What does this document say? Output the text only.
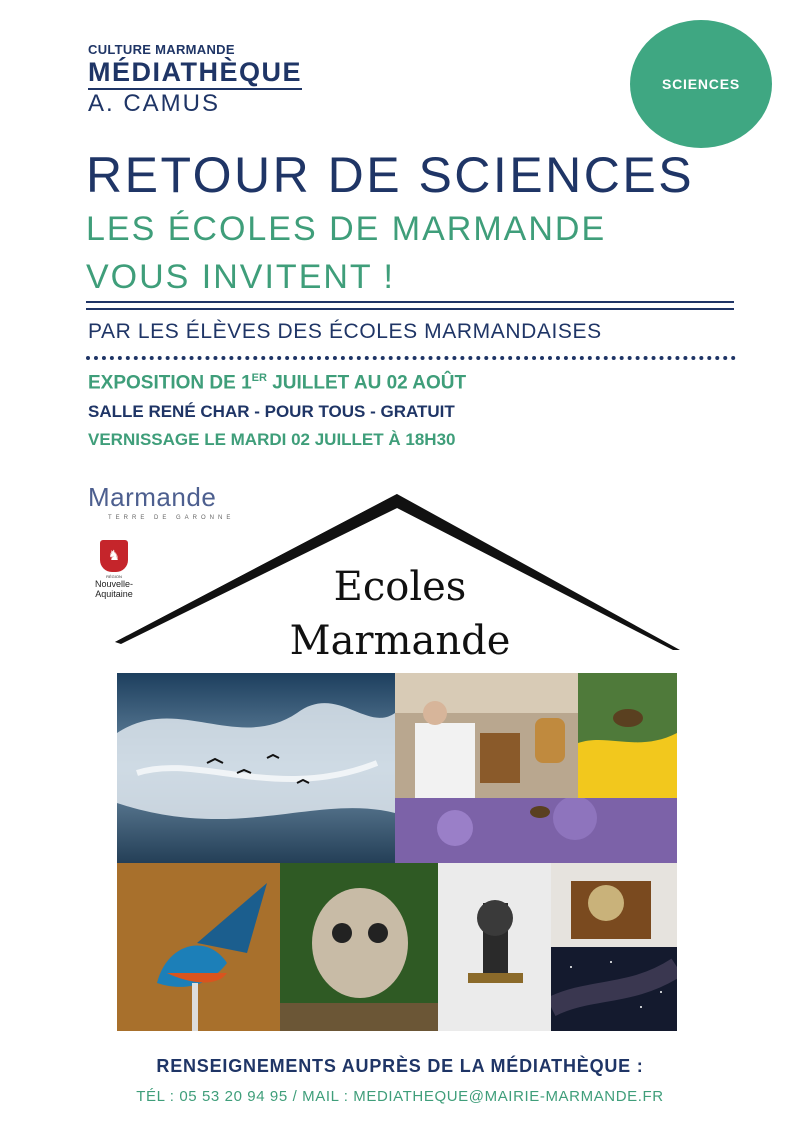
CULTURE MARMANDE
MÉDIATHÈQUE
A. CAMUS
SCIENCES
RETOUR DE SCIENCES
LES ÉCOLES DE MARMANDE
VOUS INVITENT !
PAR LES ÉLÈVES DES ÉCOLES MARMANDAISES
EXPOSITION DE 1ER JUILLET AU 02 AOÛT
SALLE RENÉ CHAR - POUR TOUS - GRATUIT
VERNISSAGE LE MARDI 02 JUILLET À 18H30
Marmande
TERRE DE GARONNE
♞
RÉGION
Nouvelle-Aquitaine	Ecoles
Marmande
RENSEIGNEMENTS AUPRÈS DE LA MÉDIATHÈQUE :
TÉL : 05 53 20 94 95 / MAIL : MEDIATHEQUE@MAIRIE-MARMANDE.FR
